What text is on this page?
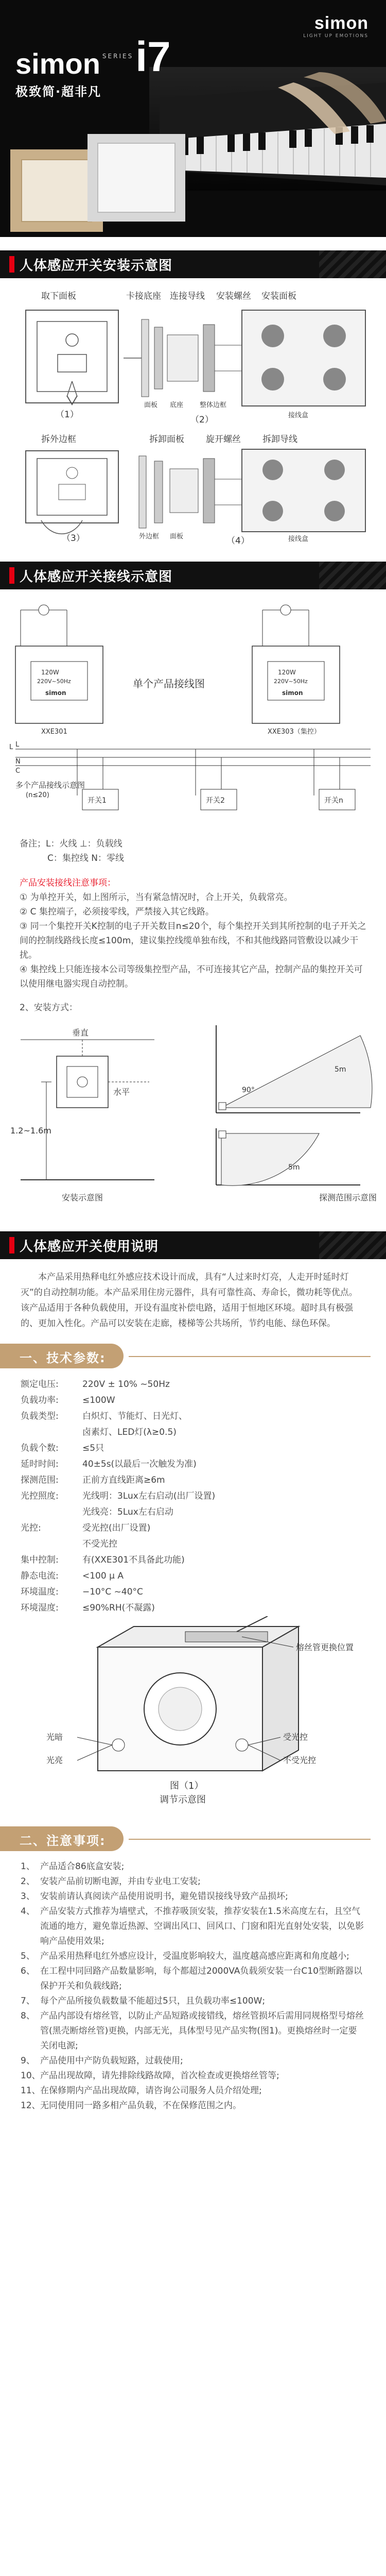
simon
LIGHT UP EMOTIONS
simon SERIES i7
极致简·超非凡
人体感应开关安装示意图
取下面板	卡接底座 连接导线 安装螺丝 安装面板
（1）
面板 底座 整体边框
接线盒
（2）
拆外边框	拆卸面板 旋开螺丝 拆卸导线
（3）	外边框 面板	接线盒
（4）
人体感应开关接线示意图
120W
220V~50Hz
simon
XXE301
L
单个产品接线图
120W
220V~50Hz
simon
XXE303（集控）
L
N
C
多个产品接线示意图
(n≤20)
开关1	开关2	开关n

备注；L：火线 ⊥：负载线

C：集控线 N：零线

产品安装接线注意事项：

① 为单控开关，如上图所示，当有紧急情况时，合上开关，负载常亮。

② C 集控端子，必须接零线，严禁接入其它线路。

③ 同一个集控开关K控制的电子开关数目n≤20个，每个集控开关到其所控制的电子开关之间的控制线路线长度≤100m，建议集控线缆单独布线，不和其他线路同管敷设以减少干扰。

④ 集控线上只能连接本公司等级集控型产品，不可连接其它产品，控制产品的集控开关可以使用继电器实现自动控制。

2、安装方式：

垂直
水平
1.2~1.6m
安装示意图
5m
90°
5m
探测范围示意图
人体感应开关使用说明
本产品采用热释电红外感应技术设计而成，具有“人过来时灯亮，人走开时延时灯灭”的自动控制功能。本产品采用住房元器件，具有可靠性高、寿命长，微功耗等优点。该产品适用于各种负载使用，开设有温度补偿电路，适用于恒地区环境。超时具有极强的、更加入性化。产品可以安装在走廊，楼梯等公共场所，节约电能、绿色环保。
一、技术参数:
额定电压:	220V ± 10% ~50Hz
负载功率:	≤100W
负载类型:	白炽灯、节能灯、日光灯、
卤素灯、LED灯(λ≥0.5)
负载个数:	≤5只
延时时间:	40±5s(以最后一次触发为准)
探测范围:	正前方直线距离≥6m
光控照度:	光线明：3Lux左右启动(出厂设置)
光线亮：5Lux左右启动
光控:	受光控(出厂设置)
不受光控
集中控制:	有(XXE301不具备此功能)
静态电流:	<100 μ A
环境温度:	−10°C ~40°C
环境湿度:	≤90%RH(不凝露)
熔丝管更换位置
光暗
光亮
受光控
不受光控
图（1）
调节示意图
二、注意事项:
1、 产品适合86底盒安装;
2、 安装产品前切断电源，并由专业电工安装;
3、 安装前请认真阅读产品使用说明书，避免错误接线导致产品损坏;
4、 产品安装方式推荐为墙壁式，不推荐吸顶安装，推荐安装在1.5米高度左右，且空气流通的地方，避免靠近热源、空调出风口、回风口、门窗和阳光直射处安装，以免影响产品使用效果;
5、 产品采用热释电红外感应设计，受温度影响较大，温度越高感应距离和角度越小;
6、 在工程中同回路产品数量影响，每个都超过2000VA负载须安装一台C10型断路器以保护开关和负载线路;
7、 每个产品所接负载数量不能超过5只，且负载功率≤100W;
8、 产品内部设有熔丝管，以防止产品短路或接错线，熔丝管损坏后需用同规格型号熔丝管(黑壳断熔丝管)更换，内部无光，具体型号见产品实物(图1)。更换熔丝时一定要关闭电源;
9、 产品使用中产防负载短路，过载使用;
10、 产品出现故障，请先排除线路故障，首次检查或更换熔丝管等;
11、 在保修期内产品出现故障，请咨询公司服务人员介绍处理;
12、 无同使用同一路多相产品负载，不在保修范围之内。
